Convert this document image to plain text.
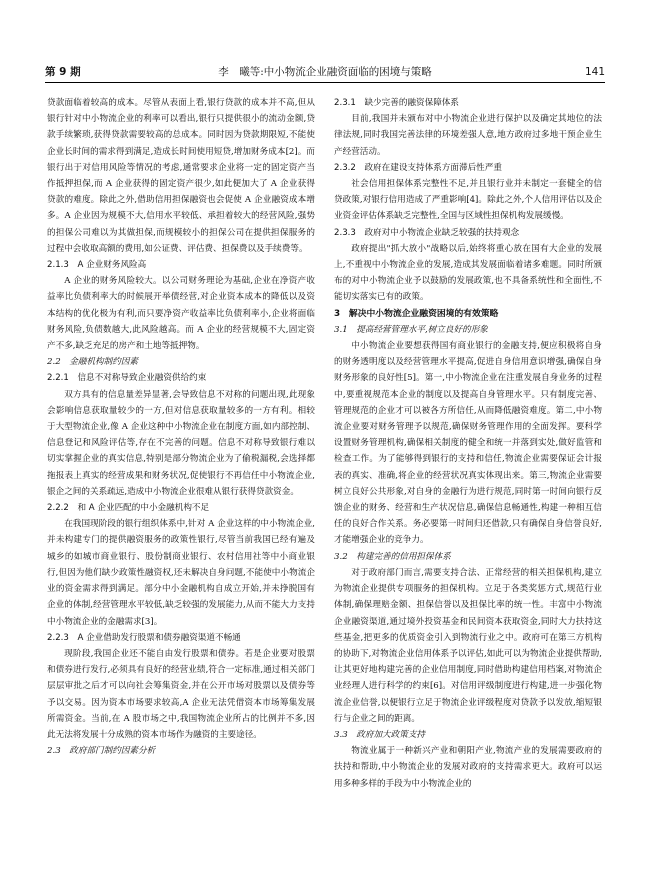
第 9 期	李　曦等:中小物流企业融资面临的困境与策略	141

贷款面临着较高的成本。尽管从表面上看,银行贷款的成本并不高,但从银行针对中小物流企业的利率可以看出,银行只提供很小的流动金额,贷款手续繁琐,获得贷款需要较高的总成本。同时因为贷款期限短,不能使企业长时间的需求得到满足,造成长时间使用短贷,增加财务成本[2]。而银行出于对信用风险等情况的考虑,通常要求企业将一定的固定资产当作抵押担保,而 A 企业获得的固定资产很少,如此便加大了 A 企业获得贷款的难度。除此之外,借助信用担保融资也会促使 A 企业融资成本增多。A 企业因为规模不大,信用水平较低、承担着较大的经营风险,强势的担保公司难以为其做担保,而规模较小的担保公司在提供担保服务的过程中会收取高额的费用,如公证费、评估费、担保费以及手续费等。

2.1.3　A 企业财务风险高

A 企业的财务风险较大。以公司财务理论为基础,企业在净资产收益率比负债利率大的时候展开举债经营,对企业资本成本的降低以及资本结构的优化极为有利,而只要净资产收益率比负债利率小,企业将面临财务风险,负债数越大,此风险越高。而 A 企业的经营规模不大,固定资产不多,缺乏充足的房产和土地等抵押物。

2.2　金融机构制约因素
2.2.1　信息不对称导致企业融资供给约束

双方具有的信息量差异显著,会导致信息不对称的问题出现,此现象会影响信息获取量较少的一方,但对信息获取量较多的一方有利。相较于大型物流企业,像 A 企业这种中小物流企业在制度方面,如内部控制、信息登记和风险评估等,存在不完善的问题。信息不对称导致银行难以切实掌握企业的真实信息,特别是部分物流企业为了偷税漏税,会选择都拖报表上真实的经营成果和财务状况,促使银行不再信任中小物流企业,银企之间的关系疏远,造成中小物流企业很难从银行获得贷款资金。

2.2.2　和 A 企业匹配的中小金融机构不足

在我国现阶段的银行组织体系中,针对 A 企业这样的中小物流企业,并未构建专门的提供融资服务的政策性银行,尽管当前我国已经有遍及城乡的如城市商业银行、股份制商业银行、农村信用社等中小商业银行,但因为他们缺少政策性融资权,还未解决自身问题,不能使中小物流企业的资金需求得到满足。部分中小金融机构自成立开始,并未挣脱国有企业的体制,经营管理水平较低,缺乏较强的发展能力,从而不能大力支持中小物流企业的金融需求[3]。

2.2.3　A 企业借助发行股票和债券融资渠道不畅通

现阶段,我国企业还不能自由发行股票和债券。若是企业要对股票和债券进行发行,必须具有良好的经营业绩,符合一定标准,通过相关部门层层审批之后才可以向社会筹集资金,并在公开市场对股票以及债券等予以交易。因为资本市场要求较高,A 企业无法凭借资本市场筹集发展所需资金。当前,在 A 股市场之中,我国物流企业所占的比例并不多,因此无法将发展十分成熟的资本市场作为融资的主要途径。

2.3　政府部门制约因素分析
2.3.1　缺少完善的融资保障体系

目前,我国并未颁布对中小物流企业进行保护以及确定其地位的法律法规,同时我国完善法律的环境差强人意,地方政府过多地干预企业生产经营活动。

2.3.2　政府在建设支持体系方面滞后性严重

社会信用担保体系完整性不足,并且银行业并未制定一套健全的信贷政策,对银行信用造成了严重影响[4]。除此之外,个人信用评估以及企业资金评估体系缺乏完整性,全国与区域性担保机构发展缓慢。

2.3.3　政府对中小物流企业缺乏较强的扶持观念

政府提出"抓大放小"战略以后,始终将重心放在国有大企业的发展上,不重视中小物流企业的发展,造成其发展面临着诸多难题。同时所颁布的对中小物流企业予以鼓励的发展政策,也不具备系统性和全面性,不能切实落实已有的政策。

3　解决中小物流企业融资困境的有效策略
3.1　提高经营管理水平,树立良好的形象

中小物流企业要想获得国有商业银行的金融支持,便应积极将自身的财务透明度以及经营管理水平提高,促进自身信用意识增强,确保自身财务形象的良好性[5]。第一,中小物流企业在注重发展自身业务的过程中,要重视规范本企业的制度以及提高自身管理水平。只有制度完善、管理规范的企业才可以被各方所信任,从而降低融资难度。第二,中小物流企业要对财务管理予以规范,确保财务管理作用的全面发挥。要科学设置财务管理机构,确保相关制度的健全和统一并落到实处,做好监管和检查工作。为了能够得到银行的支持和信任,物流企业需要保证会计报表的真实、准确,将企业的经营状况真实体现出来。第三,物流企业需要树立良好公共形象,对自身的金融行为进行规范,同时第一时间向银行反馈企业的财务、经营和生产状况信息,确保信息畅通性,构建一种相互信任的良好合作关系。务必要第一时间归还借款,只有确保自身信誉良好,才能增强企业的竞争力。

3.2　构建完善的信用担保体系

对于政府部门而言,需要支持合法、正常经营的相关担保机构,建立为物流企业提供专项服务的担保机构。立足于各类奖惩方式,规范行业体制,确保理赔金额、担保信誉以及担保比率的统一性。丰富中小物流企业融资渠道,通过境外投资基金和民间资本获取资金,同时大力扶持这些基金,把更多的优质资金引入到物流行业之中。政府可在第三方机构的协助下,对物流企业信用体系予以评估,如此可以为物流企业提供帮助,让其更好地构建完善的企业信用制度,同时借助构建信用档案,对物流企业经理人进行科学的约束[6]。对信用评级制度进行构建,进一步强化物流企业信誉,以便银行立足于物流企业评级程度对贷款予以发放,缩短银行与企业之间的距离。

3.3　政府加大政策支持

物流业属于一种新兴产业和朝阳产业,物流产业的发展需要政府的扶持和帮助,中小物流企业的发展对政府的支持需求更大。政府可以运用多种多样的手段为中小物流企业的
